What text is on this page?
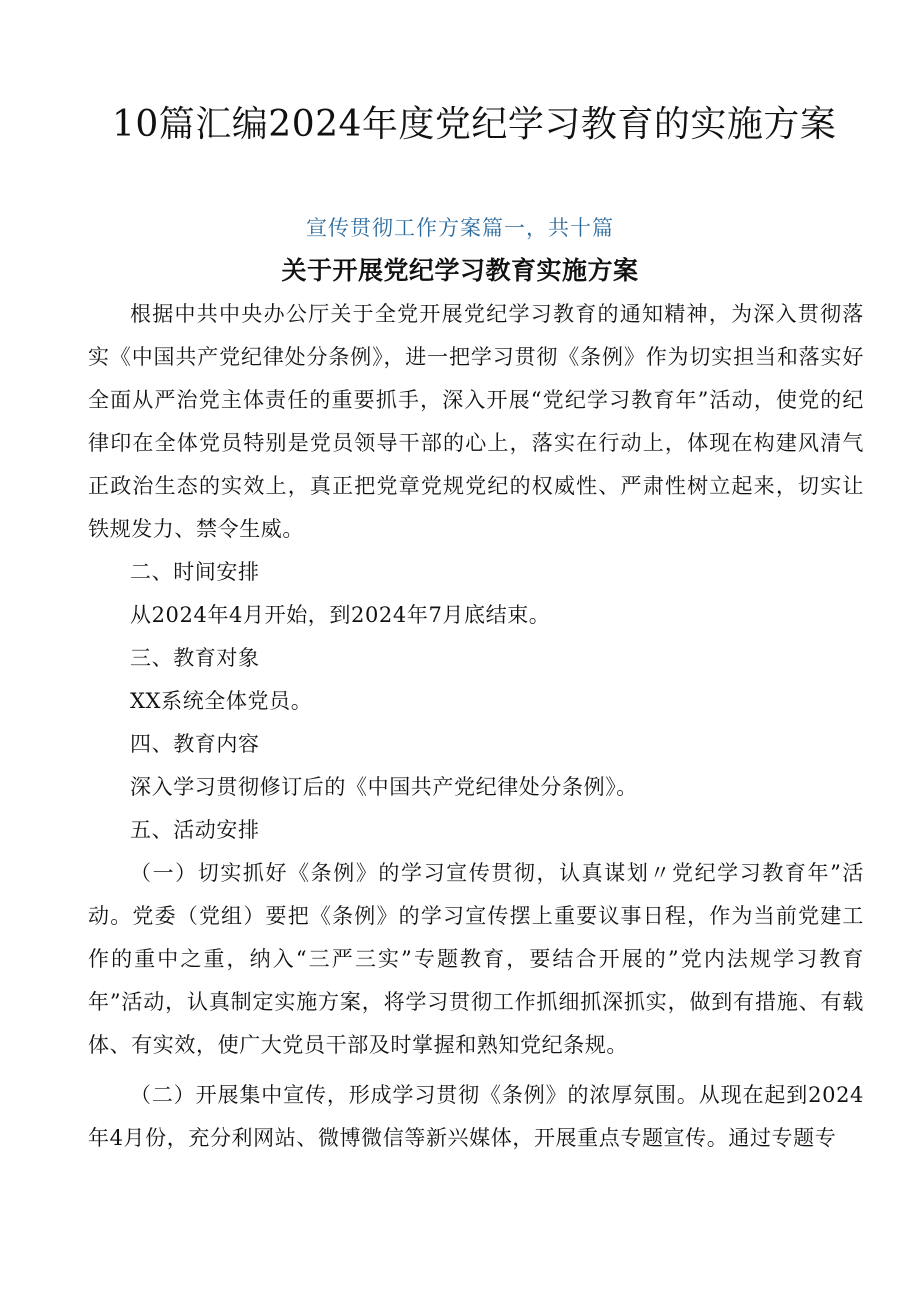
10篇汇编2024年度党纪学习教育的实施方案

宣传贯彻工作方案篇一，共十篇

关于开展党纪学习教育实施方案

根据中共中央办公厅关于全党开展党纪学习教育的通知精神，为深入贯彻落实《中国共产党纪律处分条例》，进一把学习贯彻《条例》作为切实担当和落实好全面从严治党主体责任的重要抓手，深入开展“党纪学习教育年”活动，使党的纪律印在全体党员特别是党员领导干部的心上，落实在行动上，体现在构建风清气正政治生态的实效上，真正把党章党规党纪的权威性、严肃性树立起来，切实让铁规发力、禁令生威。

二、时间安排

从2024年4月开始，到2024年7月底结束。

三、教育对象

XX系统全体党员。

四、教育内容

深入学习贯彻修订后的《中国共产党纪律处分条例》。

五、活动安排

（一）切实抓好《条例》的学习宣传贯彻，认真谋划〃党纪学习教育年”活动。党委（党组）要把《条例》的学习宣传摆上重要议事日程，作为当前党建工作的重中之重，纳入“三严三实”专题教育，要结合开展的”党内法规学习教育年”活动，认真制定实施方案，将学习贯彻工作抓细抓深抓实，做到有措施、有载体、有实效，使广大党员干部及时掌握和熟知党纪条规。

（二）开展集中宣传，形成学习贯彻《条例》的浓厚氛围。从现在起到2024年4月份，充分利网站、微博微信等新兴媒体，开展重点专题宣传。通过专题专
